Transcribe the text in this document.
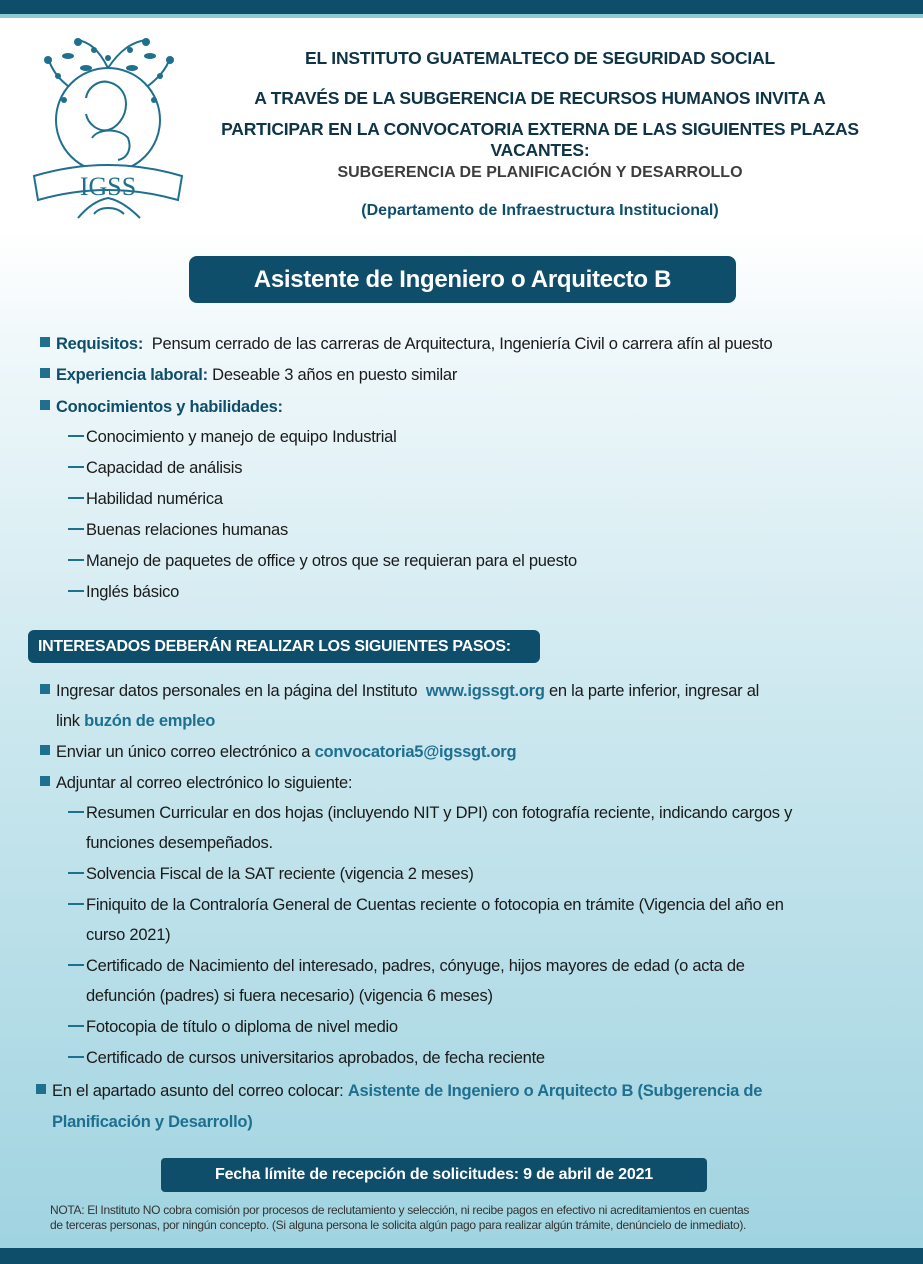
IGSS
EL INSTITUTO GUATEMALTECO DE SEGURIDAD SOCIAL
A TRAVÉS DE LA SUBGERENCIA DE RECURSOS HUMANOS INVITA A
PARTICIPAR EN LA CONVOCATORIA EXTERNA DE LAS SIGUIENTES PLAZAS VACANTES:
SUBGERENCIA DE PLANIFICACIÓN Y DESARROLLO
(Departamento de Infraestructura Institucional)
Asistente de Ingeniero o Arquitecto B
Requisitos: Pensum cerrado de las carreras de Arquitectura, Ingeniería Civil o carrera afín al puesto
Experiencia laboral: Deseable 3 años en puesto similar
Conocimientos y habilidades:
Conocimiento y manejo de equipo Industrial
Capacidad de análisis
Habilidad numérica
Buenas relaciones humanas
Manejo de paquetes de office y otros que se requieran para el puesto
Inglés básico
INTERESADOS DEBERÁN REALIZAR LOS SIGUIENTES PASOS:
Ingresar datos personales en la página del Instituto www.igssgt.org en la parte inferior, ingresar al
link buzón de empleo
Enviar un único correo electrónico a convocatoria5@igssgt.org
Adjuntar al correo electrónico lo siguiente:
Resumen Curricular en dos hojas (incluyendo NIT y DPI) con fotografía reciente, indicando cargos y
funciones desempeñados.
Solvencia Fiscal de la SAT reciente (vigencia 2 meses)
Finiquito de la Contraloría General de Cuentas reciente o fotocopia en trámite (Vigencia del año en
curso 2021)
Certificado de Nacimiento del interesado, padres, cónyuge, hijos mayores de edad (o acta de
defunción (padres) si fuera necesario) (vigencia 6 meses)
Fotocopia de título o diploma de nivel medio
Certificado de cursos universitarios aprobados, de fecha reciente
En el apartado asunto del correo colocar: Asistente de Ingeniero o Arquitecto B (Subgerencia de
Planificación y Desarrollo)
Fecha límite de recepción de solicitudes: 9 de abril de 2021
NOTA: El Instituto NO cobra comisión por procesos de reclutamiento y selección, ni recibe pagos en efectivo ni acreditamientos en cuentas
de terceras personas, por ningún concepto. (Si alguna persona le solicita algún pago para realizar algún trámite, denúncielo de inmediato).
